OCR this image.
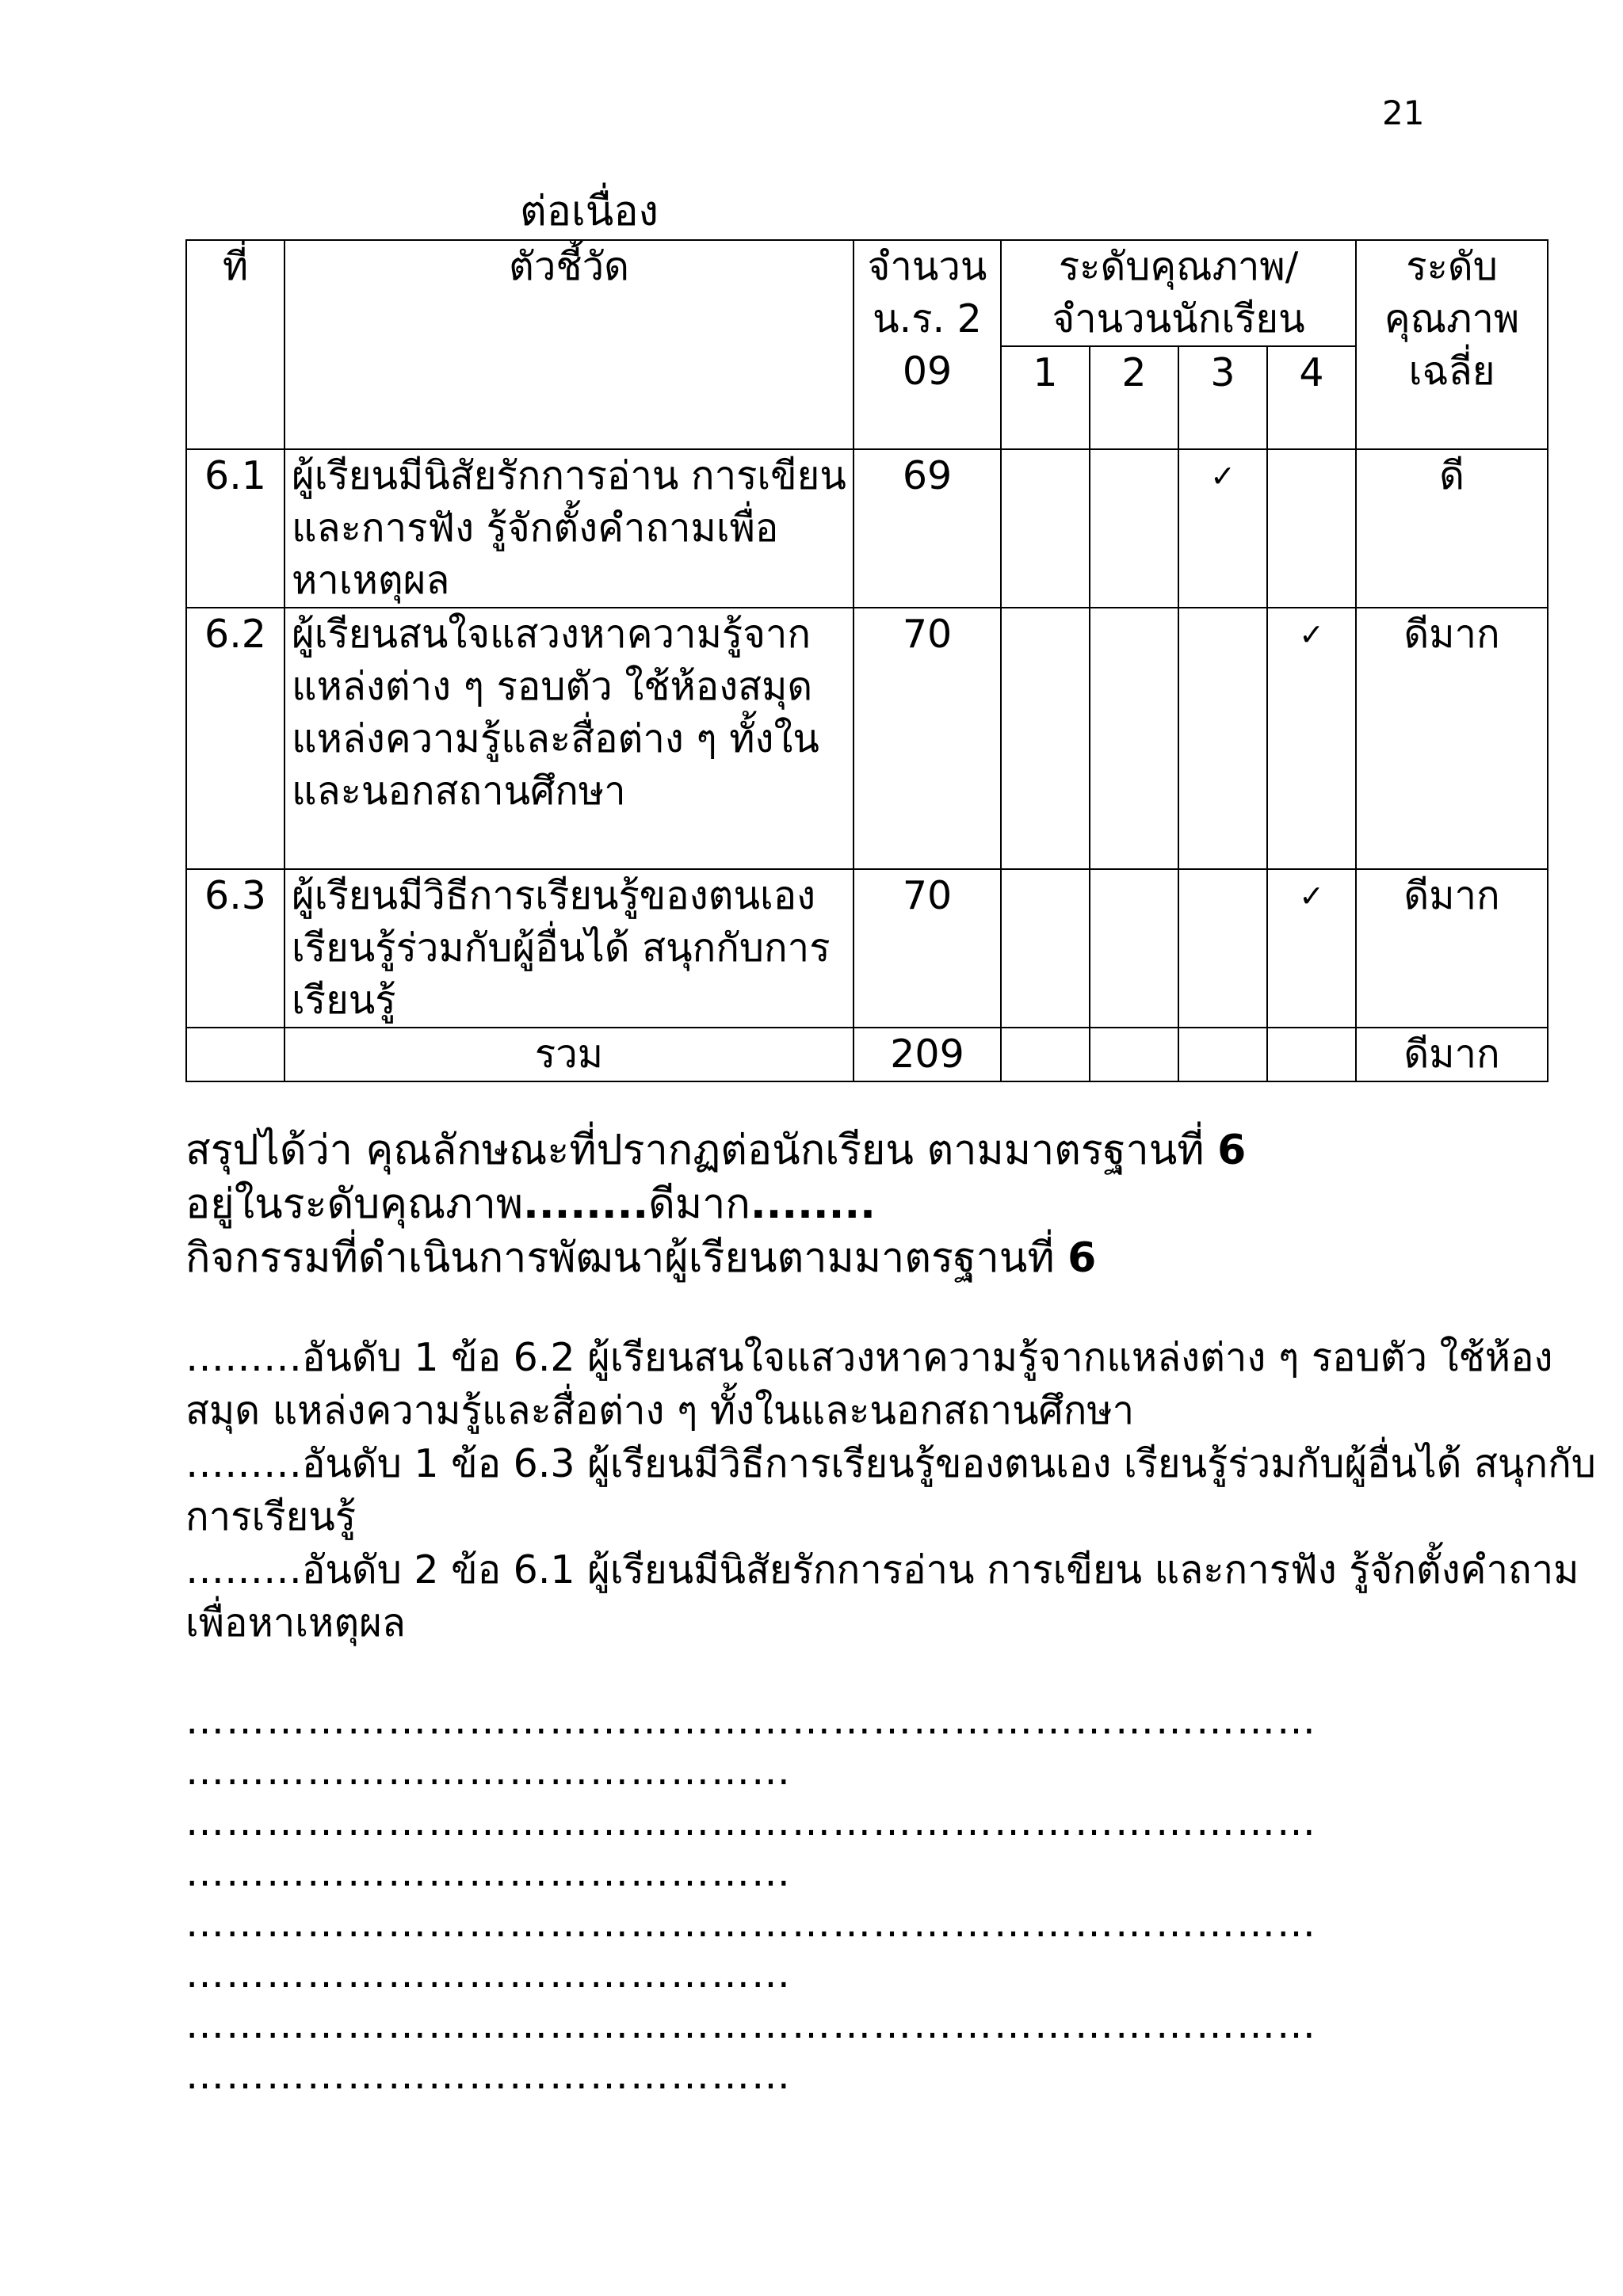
21
ต่อเนื่อง
ที่	ตัวชี้วัด	จำนวนน.ร. 209	ระดับคุณภาพ/ จำนวนนักเรียน				ระดับคุณภาพเฉลี่ย
			1	2	3	4	
6.1	ผู้เรียนมีนิสัยรักการอ่าน การเขียน และการฟัง รู้จักตั้งคำถามเพื่อหาเหตุผล	69			✓		ดี
6.2	ผู้เรียนสนใจแสวงหาความรู้จากแหล่งต่าง ๆ รอบตัว ใช้ห้องสมุด แหล่งความรู้และสื่อต่าง ๆ ทั้งในและนอกสถานศึกษา	70				✓	ดีมาก
6.3	ผู้เรียนมีวิธีการเรียนรู้ของตนเอง เรียนรู้ร่วมกับผู้อื่นได้ สนุกกับการเรียนรู้	70				✓	ดีมาก
	รวม	209					ดีมาก

สรุปได้ว่า คุณลักษณะที่ปรากฏต่อนักเรียน ตามมาตรฐานที่ 6

อยู่ในระดับคุณภาพ........ดีมาก........

กิจกรรมที่ดำเนินการพัฒนาผู้เรียนตามมาตรฐานที่ 6

………อันดับ 1 ข้อ 6.2 ผู้เรียนสนใจแสวงหาความรู้จากแหล่งต่าง ๆ รอบตัว ใช้ห้องสมุด แหล่งความรู้และสื่อต่าง ๆ ทั้งในและนอกสถานศึกษา

………อันดับ 1 ข้อ 6.3 ผู้เรียนมีวิธีการเรียนรู้ของตนเอง เรียนรู้ร่วมกับผู้อื่นได้ สนุกกับการเรียนรู้

………อันดับ 2 ข้อ 6.1 ผู้เรียนมีนิสัยรักการอ่าน การเขียน และการฟัง รู้จักตั้งคำถามเพื่อหาเหตุผล

…………………………………………………………………………

………………………………………

…………………………………………………………………………

………………………………………

…………………………………………………………………………

………………………………………

…………………………………………………………………………

………………………………………
